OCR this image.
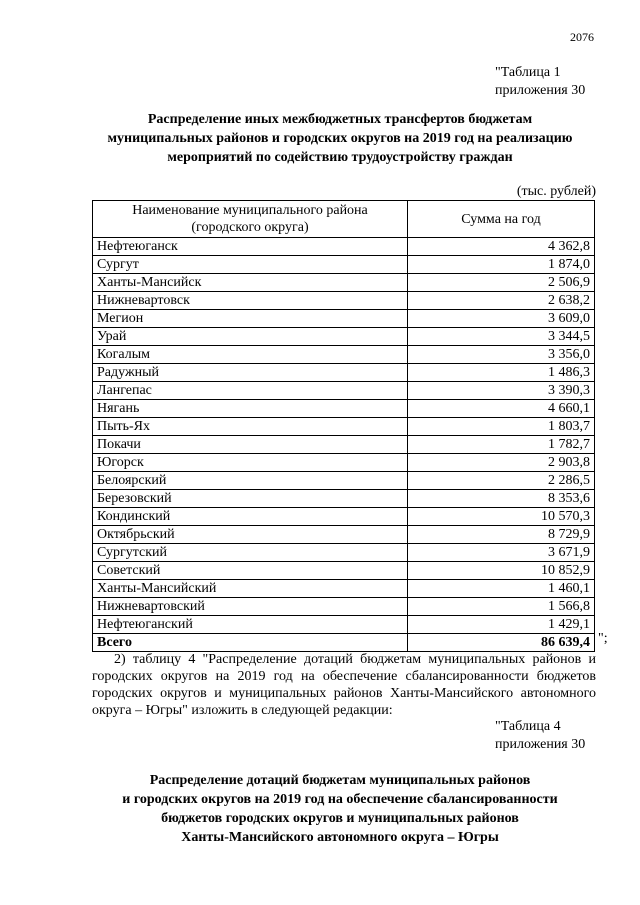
2076
"Таблица 1
приложения 30
Распределение иных межбюджетных трансфертов бюджетам
муниципальных районов и городских округов на 2019 год на реализацию
мероприятий по содействию трудоустройству граждан
(тыс. рублей)
Наименование муниципального района
(городского округа)	Сумма на год
Нефтеюганск	4 362,8
Сургут	1 874,0
Ханты-Мансийск	2 506,9
Нижневартовск	2 638,2
Мегион	3 609,0
Урай	3 344,5
Когалым	3 356,0
Радужный	1 486,3
Лангепас	3 390,3
Нягань	4 660,1
Пыть-Ях	1 803,7
Покачи	1 782,7
Югорск	2 903,8
Белоярский	2 286,5
Березовский	8 353,6
Кондинский	10 570,3
Октябрьский	8 729,9
Сургутский	3 671,9
Советский	10 852,9
Ханты-Мансийский	1 460,1
Нижневартовский	1 566,8
Нефтеюганский	1 429,1
Всего	86 639,4 ";
2) таблицу 4 "Распределение дотаций бюджетам муниципальных районов и городских округов на 2019 год на обеспечение сбалансированности бюджетов городских округов и муниципальных районов Ханты-Мансийского автономного округа – Югры" изложить в следующей редакции:
"Таблица 4
приложения 30
Распределение дотаций бюджетам муниципальных районов
и городских округов на 2019 год на обеспечение сбалансированности
бюджетов городских округов и муниципальных районов
Ханты-Мансийского автономного округа – Югры
